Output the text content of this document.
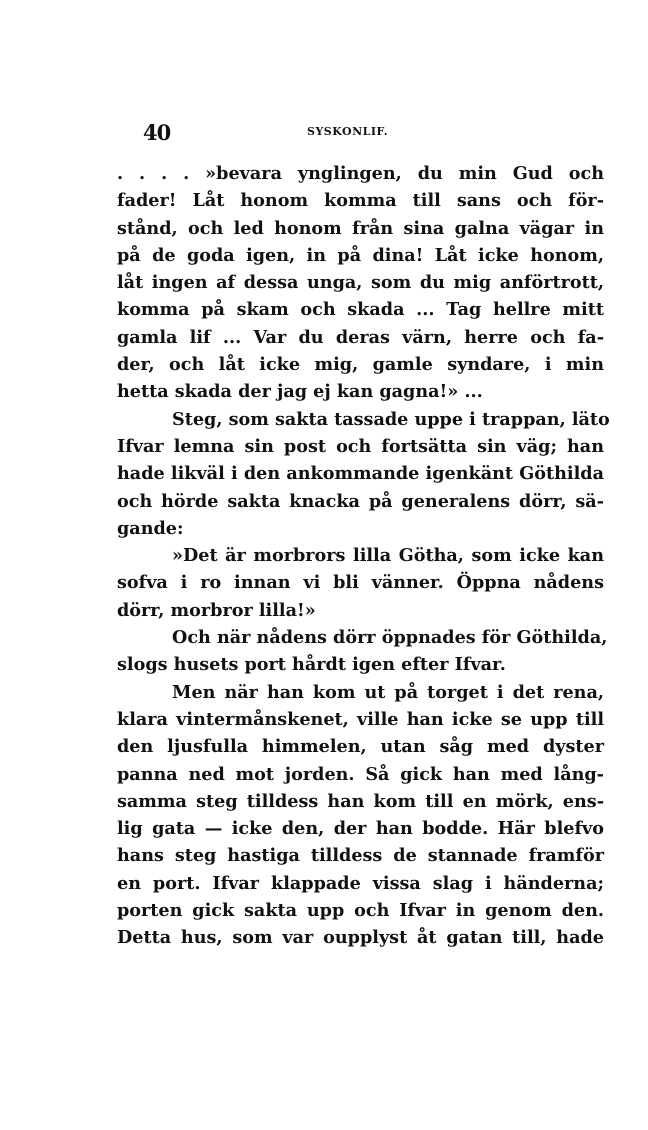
40	SYSKONLIF.
. . . . »bevara ynglingen, du min Gud och
fader! Låt honom komma till sans och för-
stånd, och led honom från sina galna vägar in
på de goda igen, in på dina! Låt icke honom,
låt ingen af dessa unga, som du mig anförtrott,
komma på skam och skada ... Tag hellre mitt
gamla lif ... Var du deras värn, herre och fa-
der, och låt icke mig, gamle syndare, i min
hetta skada der jag ej kan gagna!» ...
Steg, som sakta tassade uppe i trappan, läto
Ifvar lemna sin post och fortsätta sin väg; han
hade likväl i den ankommande igenkänt Göthilda
och hörde sakta knacka på generalens dörr, sä-
gande:
»Det är morbrors lilla Götha, som icke kan
sofva i ro innan vi bli vänner. Öppna nådens
dörr, morbror lilla!»
Och när nådens dörr öppnades för Göthilda,
slogs husets port hårdt igen efter Ifvar.
Men när han kom ut på torget i det rena,
klara vintermånskenet, ville han icke se upp till
den ljusfulla himmelen, utan såg med dyster
panna ned mot jorden. Så gick han med lång-
samma steg tilldess han kom till en mörk, ens-
lig gata — icke den, der han bodde. Här blefvo
hans steg hastiga tilldess de stannade framför
en port. Ifvar klappade vissa slag i händerna;
porten gick sakta upp och Ifvar in genom den.
Detta hus, som var oupplyst åt gatan till, hade
